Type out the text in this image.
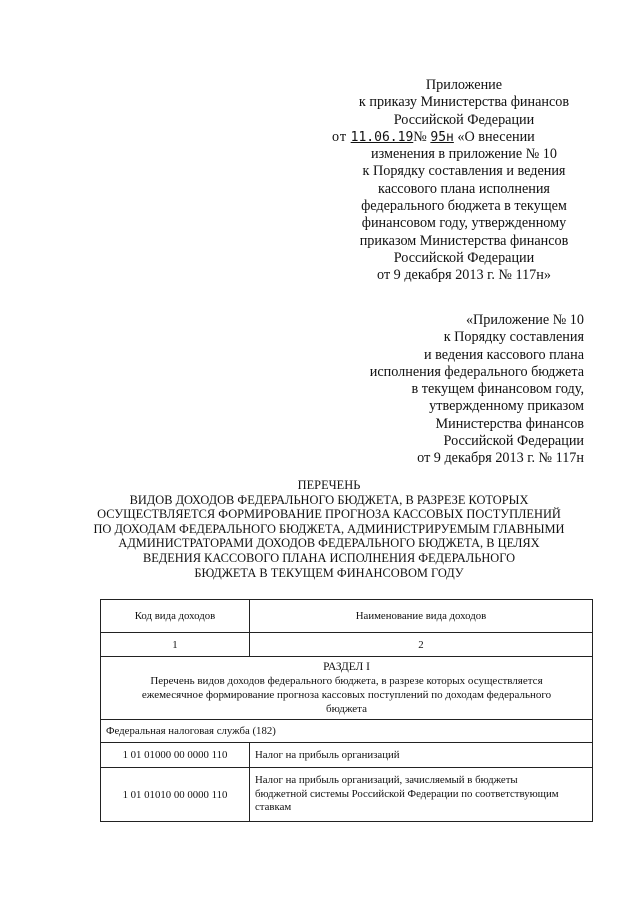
Приложение
к приказу Министерства финансов
Российской Федерации
от 11.06.19№ 95н «О внесении
изменения в приложение № 10
к Порядку составления и ведения
кассового плана исполнения
федерального бюджета в текущем
финансовом году, утвержденному
приказом Министерства финансов
Российской Федерации
от 9 декабря 2013 г. № 117н»
«Приложение № 10
к Порядку составления
и ведения кассового плана
исполнения федерального бюджета
в текущем финансовом году,
утвержденному приказом
Министерства финансов
Российской Федерации
от 9 декабря 2013 г. № 117н
ПЕРЕЧЕНЬ
ВИДОВ ДОХОДОВ ФЕДЕРАЛЬНОГО БЮДЖЕТА, В РАЗРЕЗЕ КОТОРЫХ
ОСУЩЕСТВЛЯЕТСЯ ФОРМИРОВАНИЕ ПРОГНОЗА КАССОВЫХ ПОСТУПЛЕНИЙ
ПО ДОХОДАМ ФЕДЕРАЛЬНОГО БЮДЖЕТА, АДМИНИСТРИРУЕМЫМ ГЛАВНЫМИ
АДМИНИСТРАТОРАМИ ДОХОДОВ ФЕДЕРАЛЬНОГО БЮДЖЕТА, В ЦЕЛЯХ
ВЕДЕНИЯ КАССОВОГО ПЛАНА ИСПОЛНЕНИЯ ФЕДЕРАЛЬНОГО
БЮДЖЕТА В ТЕКУЩЕМ ФИНАНСОВОМ ГОДУ
Код вида доходов	Наименование вида доходов
1	2

РАЗДЕЛ I
Перечень видов доходов федерального бюджета, в разрезе которых осуществляется
ежемесячное формирование прогноза кассовых поступлений по доходам федерального
бюджета	

Федеральная налоговая служба (182)	
1 01 01000 00 0000 110	Налог на прибыль организаций
1 01 01010 00 0000 110	Налог на прибыль организаций, зачисляемый в бюджеты
бюджетной системы Российской Федерации по соответствующим
ставкам
